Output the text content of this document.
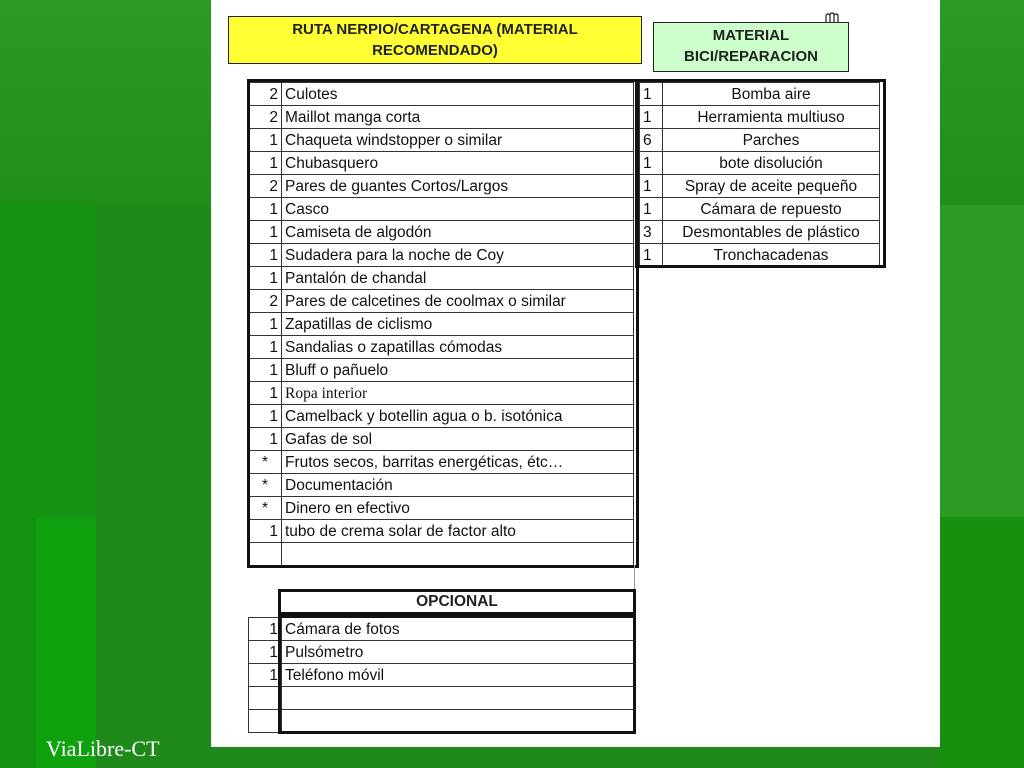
RUTA NERPIO/CARTAGENA (MATERIAL
RECOMENDADO)
MATERIAL
BICI/REPARACION
2	Culotes
2	Maillot manga corta
1	Chaqueta windstopper o similar
1	Chubasquero
2	Pares de guantes Cortos/Largos
1	Casco
1	Camiseta de algodón
1	Sudadera para la noche de Coy
1	Pantalón de chandal
2	Pares de calcetines de coolmax o similar
1	Zapatillas de ciclismo
1	Sandalias o zapatillas cómodas
1	Bluff o pañuelo
1	Ropa interior
1	Camelback y botellin agua o b. isotónica
1	Gafas de sol
*	Frutos secos, barritas energéticas, étc…
*	Documentación
*	Dinero en efectivo
1	tubo de crema solar de factor alto

1	Bomba aire
1	Herramienta multiuso
6	Parches
1	bote disolución
1	Spray de aceite pequeño
1	Cámara de repuesto
3	Desmontables de plástico
1	Tronchacadenas
OPCIONAL
1	Cámara de fotos
1	Pulsómetro
1	Teléfono móvil

ViaLibre-CT
